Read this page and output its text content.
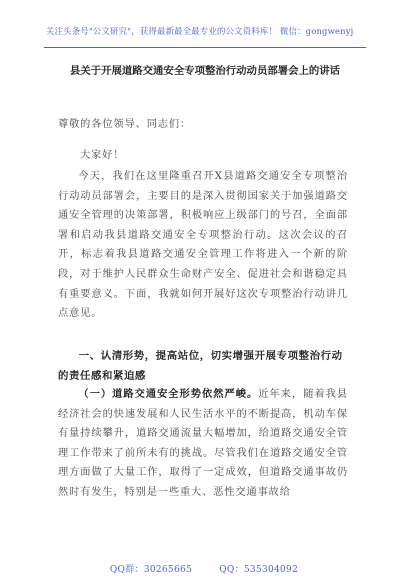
关注头条号"公文研究"，获得最新最全最专业的公文资料库！ 微信：gongwenyj
县关于开展道路交通安全专项整治行动动员部署会上的讲话
尊敬的各位领导、同志们：
大家好！
今天，我们在这里隆重召开X县道路交通安全专项整治行动动员部署会，主要目的是深入贯彻国家关于加强道路交通安全管理的决策部署，积极响应上级部门的号召，全面部署和启动我县道路交通安全专项整治行动。这次会议的召开，标志着我县道路交通安全管理工作将进入一个新的阶段，对于维护人民群众生命财产安全、促进社会和谐稳定具有重要意义。下面，我就如何开展好这次专项整治行动讲几点意见。
一、认清形势，提高站位，切实增强开展专项整治行动的责任感和紧迫感
（一）道路交通安全形势依然严峻。近年来，随着我县经济社会的快速发展和人民生活水平的不断提高，机动车保有量持续攀升，道路交通流量大幅增加，给道路交通安全管理工作带来了前所未有的挑战。尽管我们在道路交通安全管理方面做了大量工作，取得了一定成效，但道路交通事故仍然时有发生，特别是一些重大、恶性交通事故给
QQ群：30265665	QQ：535304092
